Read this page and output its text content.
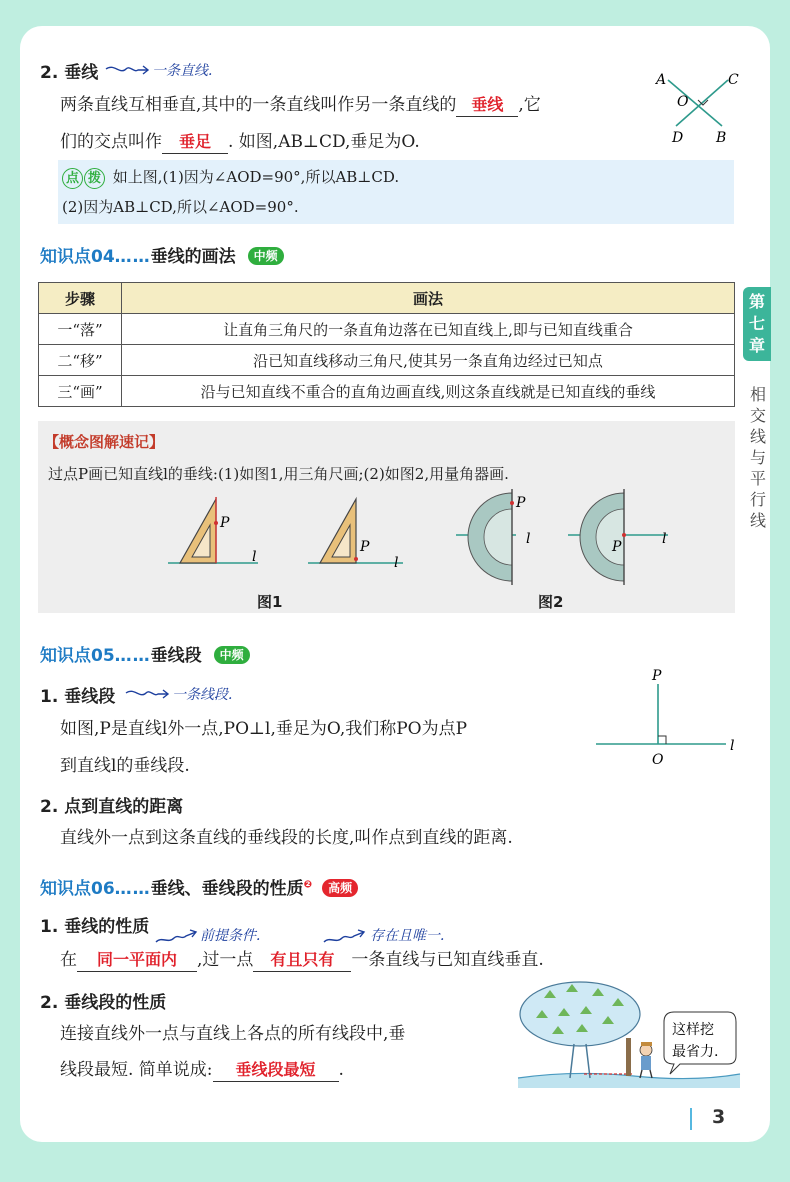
2. 垂线	一条直线.
两条直线互相垂直,其中的一条直线叫作另一条直线的 垂线 ,它
们的交点叫作 垂足 . 如图,AB⊥CD,垂足为O.
A	C
O
D B
点 拨 如上图,(1)因为∠AOD=90°,所以AB⊥CD.
(2)因为AB⊥CD,所以∠AOD=90°.
知识点04……垂线的画法 中频
步骤	画法
一“落”	让直角三角尺的一条直角边落在已知直线上,即与已知直线重合
二“移”	沿已知直线移动三角尺,使其另一条直角边经过已知点
三“画”	沿与已知直线不重合的直角边画直线,则这条直线就是已知直线的垂线
【概念图解速记】
过点P画已知直线l的垂线:(1)如图1,用三角尺画;(2)如图2,用量角器画.
P
l
P
l
图1
P
l	P	l
图2
知识点05……垂线段 中频
1. 垂线段	一条线段.
如图,P是直线l外一点,PO⊥l,垂足为O,我们称PO为点P
到直线l的垂线段.
P
O
l
2. 点到直线的距离
直线外一点到这条直线的垂线段的长度,叫作点到直线的距离.
知识点06……垂线、垂线段的性质$^❷$ 高频
1. 垂线的性质	前提条件.	存在且唯一.
在 同一平面内 ,过一点 有且只有 一条直线与已知直线垂直.
2. 垂线段的性质
连接直线外一点与直线上各点的所有线段中,垂
线段最短. 简单说成: 垂线段最短 .
这样挖
最省力.
第
七
章
相
交
线
与
平
行
线
3
